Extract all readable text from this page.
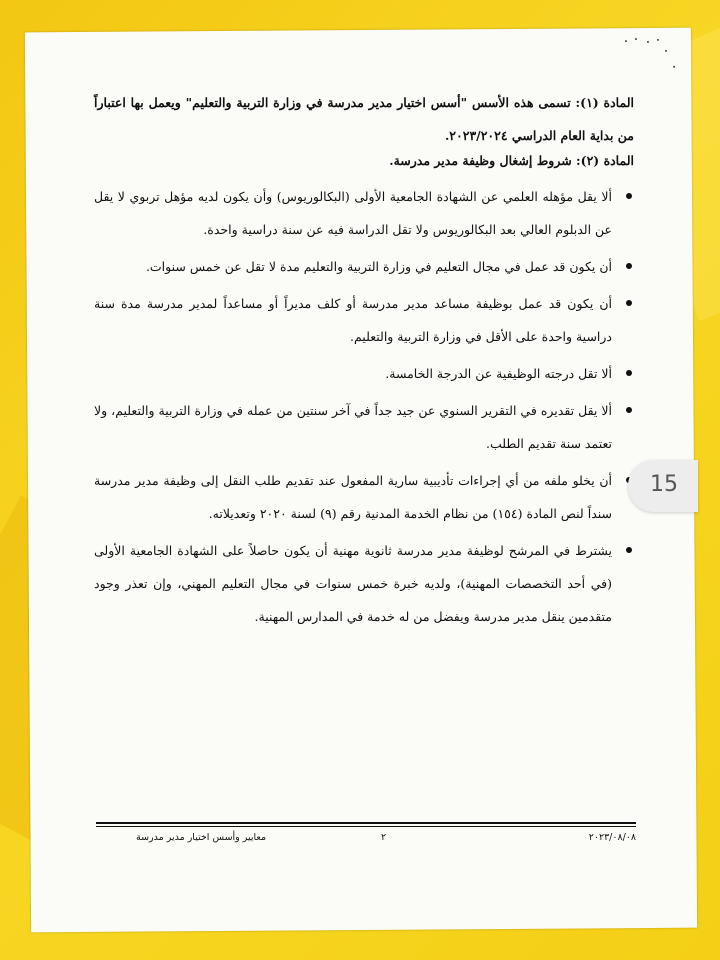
المادة (١): تسمى هذه الأسس "أسس اختيار مدير مدرسة في وزارة التربية والتعليم" ويعمل بها اعتباراً من بداية العام الدراسي ٢٠٢٣/٢٠٢٤.

المادة (٢): شروط إشغال وظيفة مدير مدرسة.

ألا يقل مؤهله العلمي عن الشهادة الجامعية الأولى (البكالوريوس) وأن يكون لديه مؤهل تربوي لا يقل عن الدبلوم العالي بعد البكالوريوس ولا تقل الدراسة فيه عن سنة دراسية واحدة.
أن يكون قد عمل في مجال التعليم في وزارة التربية والتعليم مدة لا تقل عن خمس سنوات.
أن يكون قد عمل بوظيفة مساعد مدير مدرسة أو كلف مديراً أو مساعداً لمدير مدرسة مدة سنة دراسية واحدة على الأقل في وزارة التربية والتعليم.
ألا تقل درجته الوظيفية عن الدرجة الخامسة.
ألا يقل تقديره في التقرير السنوي عن جيد جداً في آخر سنتين من عمله في وزارة التربية والتعليم، ولا تعتمد سنة تقديم الطلب.
أن يخلو ملفه من أي إجراءات تأديبية سارية المفعول عند تقديم طلب النقل إلى وظيفة مدير مدرسة سنداً لنص المادة (١٥٤) من نظام الخدمة المدنية رقم (٩) لسنة ٢٠٢٠ وتعديلاته.
يشترط في المرشح لوظيفة مدير مدرسة ثانوية مهنية أن يكون حاصلاً على الشهادة الجامعية الأولى (في أحد التخصصات المهنية)، ولديه خبرة خمس سنوات في مجال التعليم المهني، وإن تعذر وجود متقدمين ينقل مدير مدرسة ويفضل من له خدمة في المدارس المهنية.
معايير وأسس اختيار مدير مدرسة	٢	٢٠٢٣/٠٨/٠٨
15
